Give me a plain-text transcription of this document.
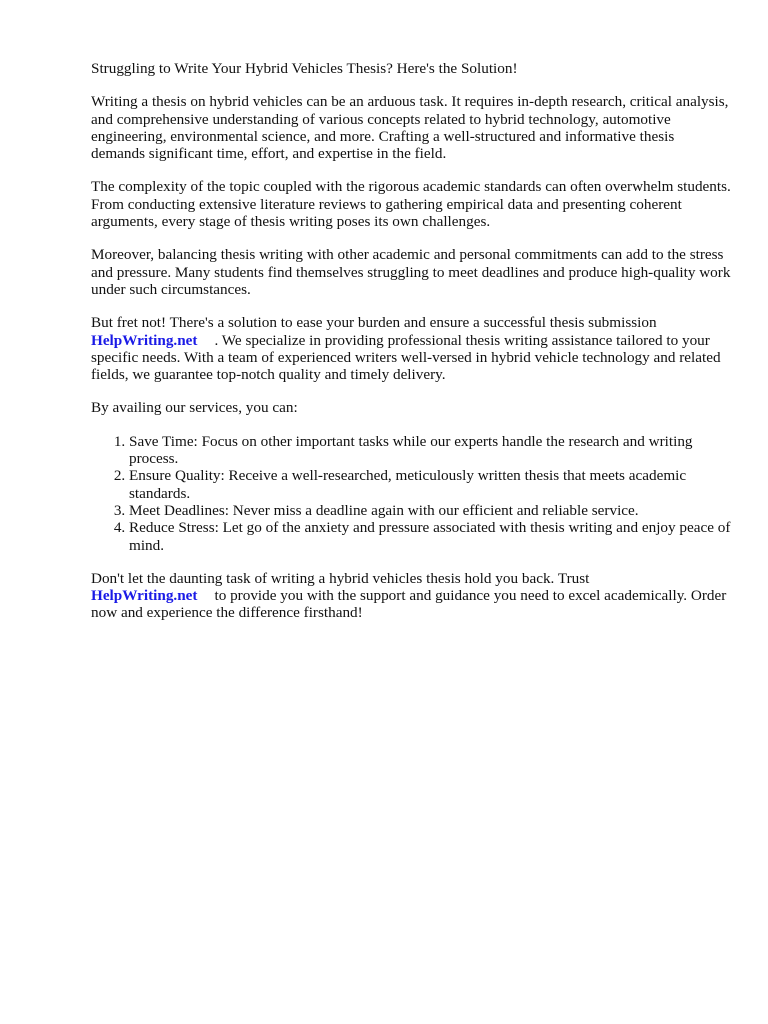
Struggling to Write Your Hybrid Vehicles Thesis? Here's the Solution!

Writing a thesis on hybrid vehicles can be an arduous task. It requires in-depth research, critical analysis, and comprehensive understanding of various concepts related to hybrid technology, automotive engineering, environmental science, and more. Crafting a well-structured and informative thesis demands significant time, effort, and expertise in the field.

The complexity of the topic coupled with the rigorous academic standards can often overwhelm students. From conducting extensive literature reviews to gathering empirical data and presenting coherent arguments, every stage of thesis writing poses its own challenges.

Moreover, balancing thesis writing with other academic and personal commitments can add to the stress and pressure. Many students find themselves struggling to meet deadlines and produce high-quality work under such circumstances.

But fret not! There's a solution to ease your burden and ensure a successful thesis submission
HelpWriting.net . We specialize in providing professional thesis writing assistance tailored to your specific needs. With a team of experienced writers well-versed in hybrid vehicle technology and related fields, we guarantee top-notch quality and timely delivery.

By availing our services, you can:

1. Save Time: Focus on other important tasks while our experts handle the research and writing process.
2. Ensure Quality: Receive a well-researched, meticulously written thesis that meets academic standards.
3. Meet Deadlines: Never miss a deadline again with our efficient and reliable service.
4. Reduce Stress: Let go of the anxiety and pressure associated with thesis writing and enjoy peace of mind.

Don't let the daunting task of writing a hybrid vehicles thesis hold you back. Trust
HelpWriting.net to provide you with the support and guidance you need to excel academically. Order now and experience the difference firsthand!
